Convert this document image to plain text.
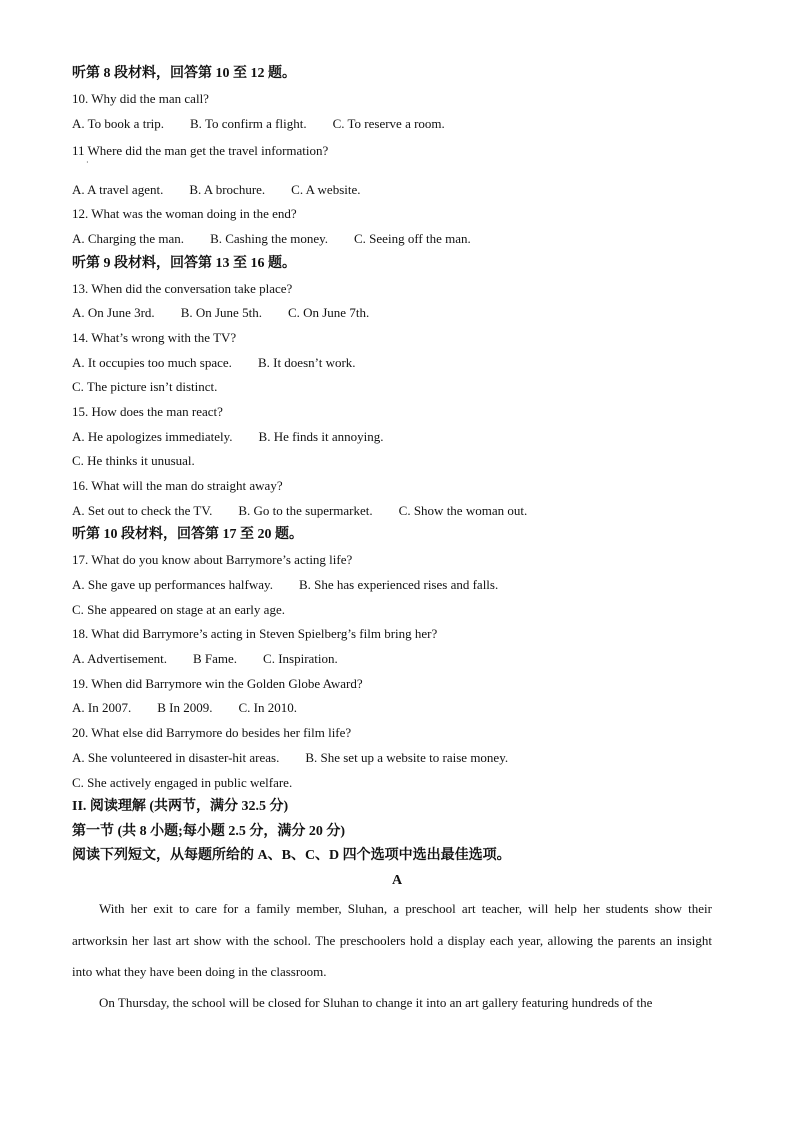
听第 8 段材料，回答第 10 至 12 题。
10. Why did the man call?
A. To book a trip. B. To confirm a flight. C. To reserve a room.
11 Where did the man get the travel information?
·
A. A travel agent. B. A brochure. C. A website.
12. What was the woman doing in the end?
A. Charging the man. B. Cashing the money. C. Seeing off the man.
听第 9 段材料，回答第 13 至 16 题。
13. When did the conversation take place?
A. On June 3rd. B. On June 5th. C. On June 7th.
14. What’s wrong with the TV?
A. It occupies too much space. B. It doesn’t work.
C. The picture isn’t distinct.
15. How does the man react?
A. He apologizes immediately. B. He finds it annoying.
C. He thinks it unusual.
16. What will the man do straight away?
A. Set out to check the TV. B. Go to the supermarket. C. Show the woman out.
听第 10 段材料，回答第 17 至 20 题。
17. What do you know about Barrymore’s acting life?
A. She gave up performances halfway. B. She has experienced rises and falls.
C. She appeared on stage at an early age.
18. What did Barrymore’s acting in Steven Spielberg’s film bring her?
A. Advertisement. B Fame. C. Inspiration.
19. When did Barrymore win the Golden Globe Award?
A. In 2007. B In 2009. C. In 2010.
20. What else did Barrymore do besides her film life?
A. She volunteered in disaster-hit areas. B. She set up a website to raise money.
C. She actively engaged in public welfare.
II. 阅读理解 (共两节，满分 32.5 分)
第一节 (共 8 小题;每小题 2.5 分，满分 20 分)
阅读下列短文，从每题所给的 A、B、C、D 四个选项中选出最佳选项。
A
With her exit to care for a family member, Sluhan, a preschool art teacher, will help her students show their artworksin her last art show with the school. The preschoolers hold a display each year, allowing the parents an insight into what they have been doing in the classroom.
On Thursday, the school will be closed for Sluhan to change it into an art gallery featuring hundreds of the
